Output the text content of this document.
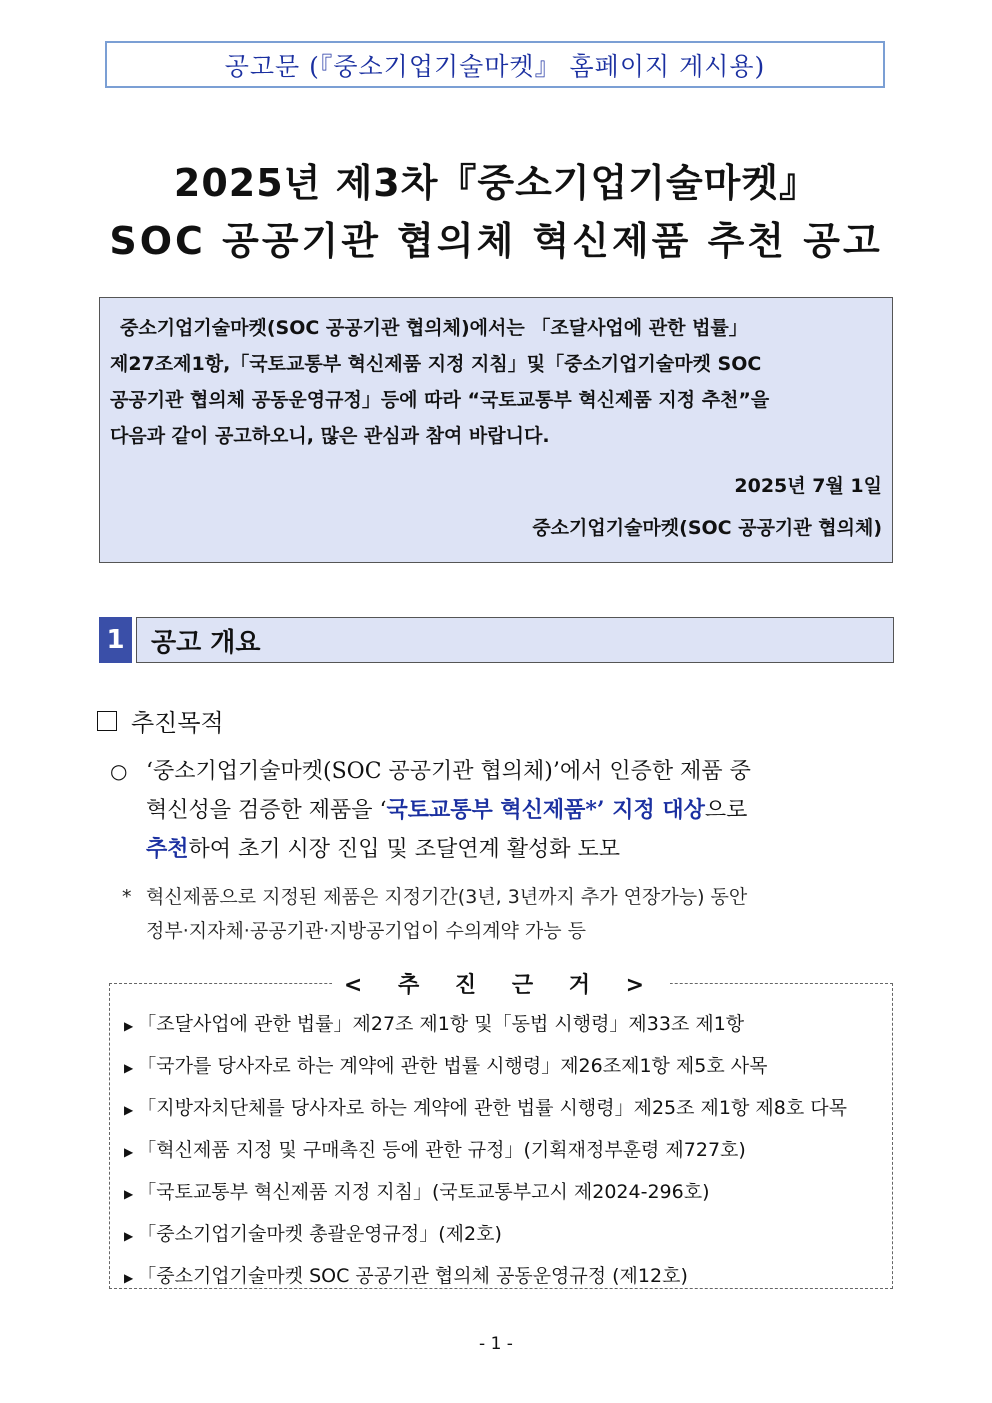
공고문 (『중소기업기술마켓』 홈페이지 게시용)
2025년 제3차『중소기업기술마켓』
SOC 공공기관 협의체 혁신제품 추천 공고
중소기업기술마켓(SOC 공공기관 협의체)에서는 「조달사업에 관한 법률」
제27조제1항,「국토교통부 혁신제품 지정 지침」및「중소기업기술마켓 SOC
공공기관 협의체 공동운영규정」등에 따라 “국토교통부 혁신제품 지정 추천”을
다음과 같이 공고하오니, 많은 관심과 참여 바랍니다.
2025년 7월 1일
중소기업기술마켓(SOC 공공기관 협의체)
1 공고 개요
추진목적
○ ‘중소기업기술마켓(SOC 공공기관 협의체)’에서 인증한 제품 중
혁신성을 검증한 제품을 ‘국토교통부 혁신제품*’ 지정 대상으로
추천하여 초기 시장 진입 및 조달연계 활성화 도모
* 혁신제품으로 지정된 제품은 지정기간(3년, 3년까지 추가 연장가능) 동안
정부·지자체·공공기관·지방공기업이 수의계약 가능 등
< 추 진 근 거 >
▶ 「조달사업에 관한 법률」제27조 제1항 및「동법 시행령」제33조 제1항
▶ 「국가를 당사자로 하는 계약에 관한 법률 시행령」제26조제1항 제5호 사목
▶ 「지방자치단체를 당사자로 하는 계약에 관한 법률 시행령」제25조 제1항 제8호 다목
▶ 「혁신제품 지정 및 구매촉진 등에 관한 규정」(기획재정부훈령 제727호)
▶ 「국토교통부 혁신제품 지정 지침」(국토교통부고시 제2024-296호)
▶ 「중소기업기술마켓 총괄운영규정」(제2호)
▶ 「중소기업기술마켓 SOC 공공기관 협의체 공동운영규정 (제12호)
- 1 -
